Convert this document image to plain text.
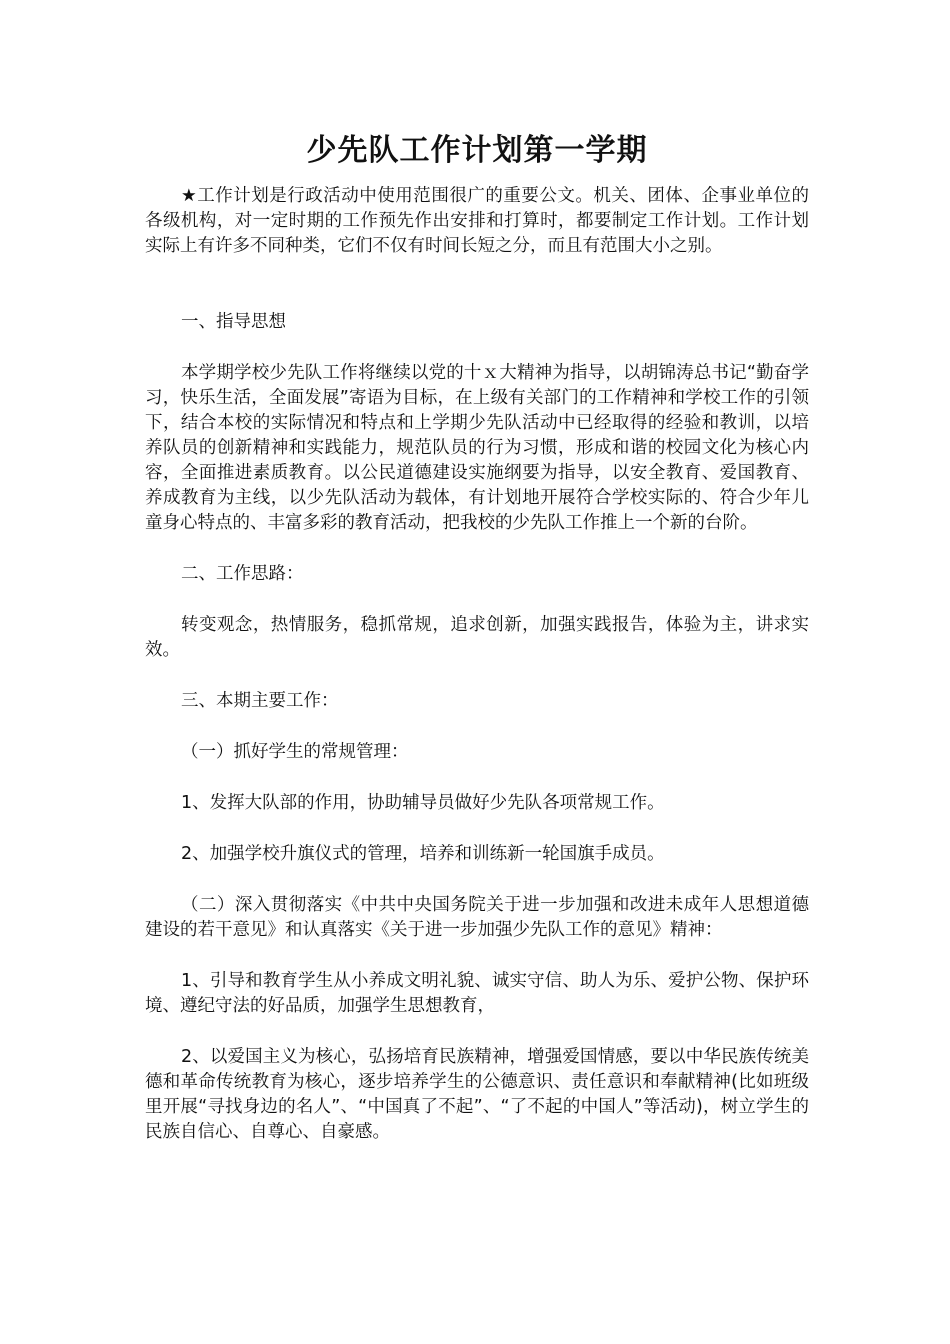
少先队工作计划第一学期

★工作计划是行政活动中使用范围很广的重要公文。机关、团体、企事业单位的各级机构，对一定时期的工作预先作出安排和打算时，都要制定工作计划。工作计划实际上有许多不同种类，它们不仅有时间长短之分，而且有范围大小之别。

一、指导思想

本学期学校少先队工作将继续以党的十ｘ大精神为指导，以胡锦涛总书记“勤奋学习，快乐生活，全面发展”寄语为目标，在上级有关部门的工作精神和学校工作的引领下，结合本校的实际情况和特点和上学期少先队活动中已经取得的经验和教训，以培养队员的创新精神和实践能力，规范队员的行为习惯，形成和谐的校园文化为核心内容，全面推进素质教育。以公民道德建设实施纲要为指导，以安全教育、爱国教育、养成教育为主线，以少先队活动为载体，有计划地开展符合学校实际的、符合少年儿童身心特点的、丰富多彩的教育活动，把我校的少先队工作推上一个新的台阶。

二、工作思路：

转变观念，热情服务，稳抓常规，追求创新，加强实践报告，体验为主，讲求实效。

三、本期主要工作：

（一）抓好学生的常规管理：

1、发挥大队部的作用，协助辅导员做好少先队各项常规工作。

2、加强学校升旗仪式的管理，培养和训练新一轮国旗手成员。

（二）深入贯彻落实《中共中央国务院关于进一步加强和改进未成年人思想道德建设的若干意见》和认真落实《关于进一步加强少先队工作的意见》精神：

1、引导和教育学生从小养成文明礼貌、诚实守信、助人为乐、爱护公物、保护环境、遵纪守法的好品质，加强学生思想教育，

2、以爱国主义为核心，弘扬培育民族精神，增强爱国情感，要以中华民族传统美德和革命传统教育为核心，逐步培养学生的公德意识、责任意识和奉献精神(比如班级里开展“寻找身边的名人”、“中国真了不起”、“了不起的中国人”等活动)，树立学生的民族自信心、自尊心、自豪感。
